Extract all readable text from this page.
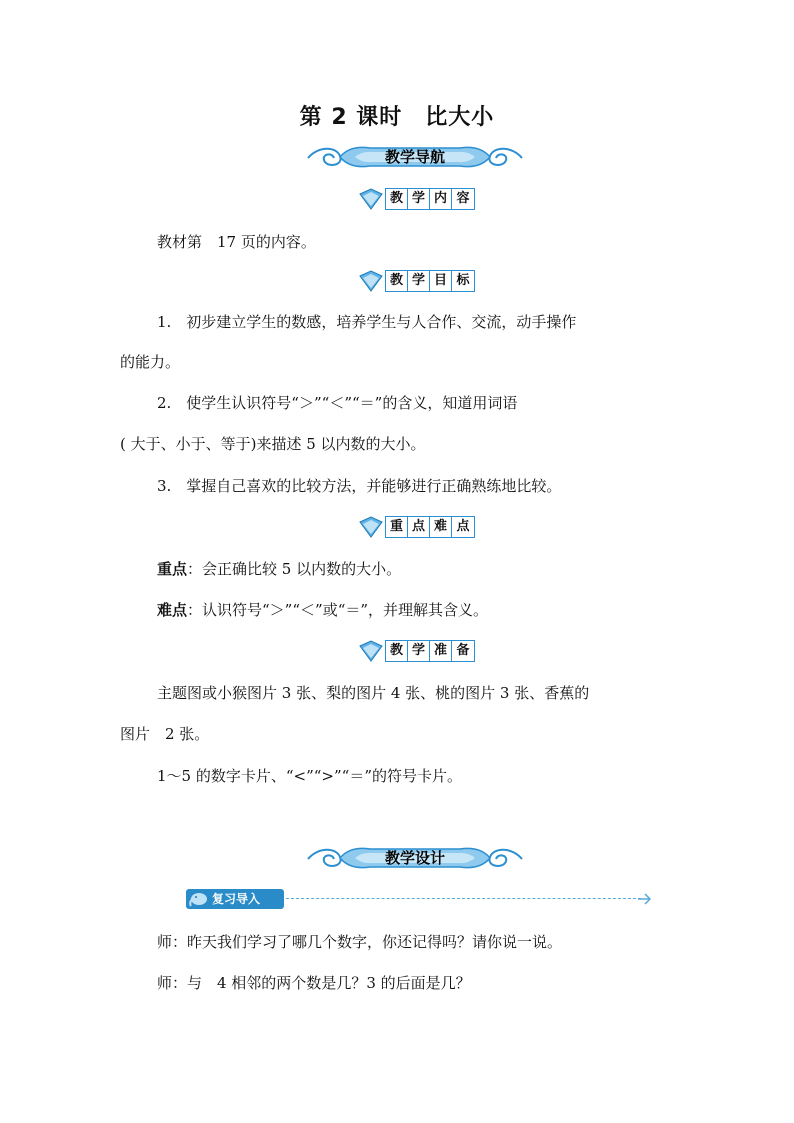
第 2 课时　比大小
教学导航
教 学 内 容
教材第　17 页的内容。
教 学 目 标
1.　初步建立学生的数感，培养学生与人合作、交流，动手操作
的能力。
2.　使学生认识符号“＞”“＜”“＝”的含义，知道用词语
( 大于、小于、等于)来描述 5 以内数的大小。
3.　掌握自己喜欢的比较方法，并能够进行正确熟练地比较。
重 点 难 点
重点：会正确比较 5 以内数的大小。
难点：认识符号“＞”“＜”或“＝”，并理解其含义。
教 学 准 备
主题图或小猴图片 3 张、梨的图片 4 张、桃的图片 3 张、香蕉的
图片　2 张。
1～5 的数字卡片、“<”“>”“＝”的符号卡片。
教学设计
复习导入
师：昨天我们学习了哪几个数字，你还记得吗？请你说一说。
师：与　4 相邻的两个数是几？3 的后面是几？
